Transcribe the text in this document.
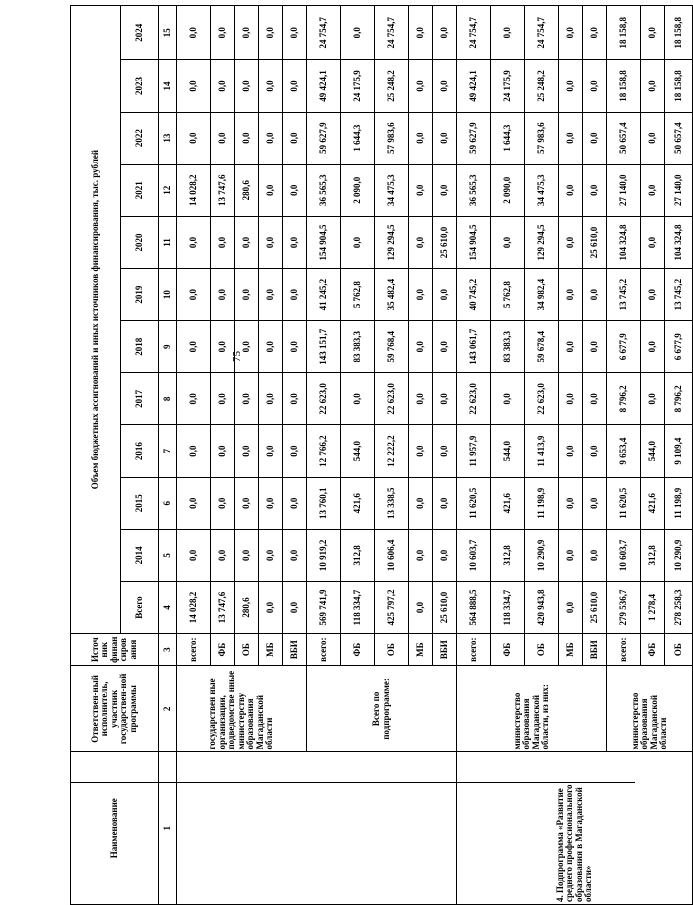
75
Наименование	Ответствен-ный исполнитель, участник государствен-ной программы	Источ ник финан сиров ания	Объем бюджетных ассигнований и иных источников финансирования, тыс. рублей											
			Всего	2014	2015	2016	2017	2018	2019	2020	2021	2022	2023	2024
1	2	3	4	5	6	7	8	9	10	11	12	13	14	15
	государствен ные организации, подведомстве нные министерству образования Магаданской области	всего:	14 028,2	0,0	0,0	0,0	0,0	0,0	0,0	0,0	14 028,2	0,0	0,0	0,0
		ФБ	13 747,6	0,0	0,0	0,0	0,0	0,0	0,0	0,0	13 747,6	0,0	0,0	0,0
		ОБ	280,6	0,0	0,0	0,0	0,0	0,0	0,0	0,0	280,6	0,0	0,0	0,0
		МБ	0,0	0,0	0,0	0,0	0,0	0,0	0,0	0,0	0,0	0,0	0,0	0,0
		ВБИ	0,0	0,0	0,0	0,0	0,0	0,0	0,0	0,0	0,0	0,0	0,0	0,0
	Всего по подпрограмме:	всего:	569 741,9	10 919,2	13 760,1	12 766,2	22 623,0	143 151,7	41 245,2	154 904,5	36 565,3	59 627,9	49 424,1	24 754,7
		ФБ	118 334,7	312,8	421,6	544,0	0,0	83 383,3	5 762,8	0,0	2 090,0	1 644,3	24 175,9	0,0
		ОБ	425 797,2	10 606,4	13 338,5	12 222,2	22 623,0	59 768,4	35 482,4	129 294,5	34 475,3	57 983,6	25 248,2	24 754,7
		МБ	0,0	0,0	0,0	0,0	0,0	0,0	0,0	0,0	0,0	0,0	0,0	0,0
		ВБИ	25 610,0	0,0	0,0	0,0	0,0	0,0	0,0	25 610,0	0,0	0,0	0,0	0,0
4. Подпрограмма «Развитие среднего профессионального образования в Магаданской области»	министерство образования Магаданской области, из них:	всего:	564 888,5	10 603,7	11 620,5	11 957,9	22 623,0	143 061,7	40 745,2	154 904,5	36 565,3	59 627,9	49 424,1	24 754,7
		ФБ	118 334,7	312,8	421,6	544,0	0,0	83 383,3	5 762,8	0,0	2 090,0	1 644,3	24 175,9	0,0
		ОБ	420 943,8	10 290,9	11 198,9	11 413,9	22 623,0	59 678,4	34 982,4	129 294,5	34 475,3	57 983,6	25 248,2	24 754,7
		МБ	0,0	0,0	0,0	0,0	0,0	0,0	0,0	0,0	0,0	0,0	0,0	0,0
		ВБИ	25 610,0	0,0	0,0	0,0	0,0	0,0	0,0	25 610,0	0,0	0,0	0,0	0,0
	министерство образования Магаданской области	всего:	279 536,7	10 603,7	11 620,5	9 653,4	8 796,2	6 677,9	13 745,2	104 324,8	27 140,0	50 657,4	18 158,8	18 158,8
		ФБ	1 278,4	312,8	421,6	544,0	0,0	0,0	0,0	0,0	0,0	0,0	0,0	0,0
		ОБ	278 258,3	10 290,9	11 198,9	9 109,4	8 796,2	6 677,9	13 745,2	104 324,8	27 140,0	50 657,4	18 158,8	18 158,8
